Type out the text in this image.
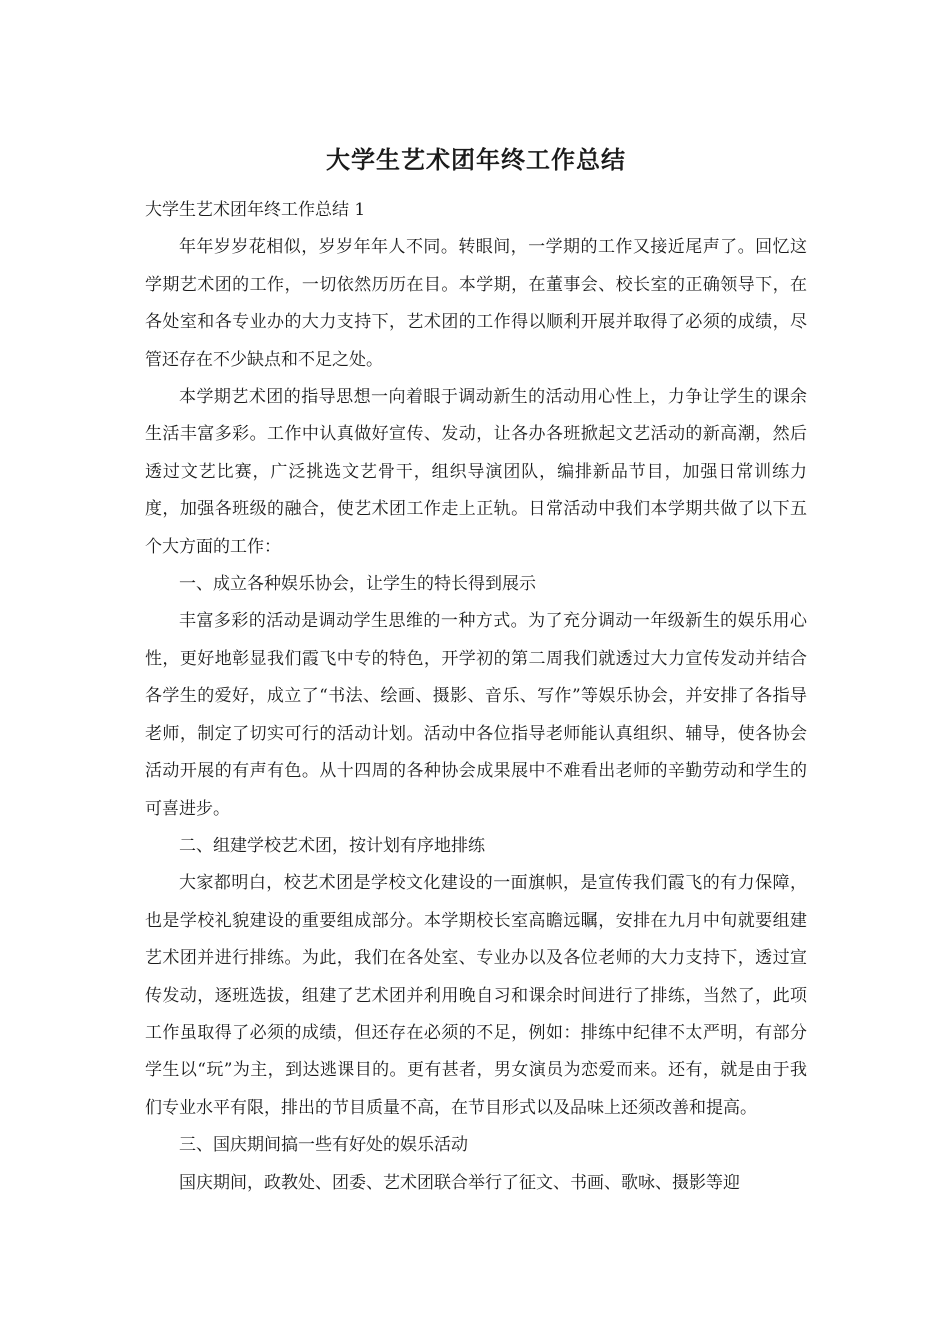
大学生艺术团年终工作总结

大学生艺术团年终工作总结 1

年年岁岁花相似，岁岁年年人不同。转眼间，一学期的工作又接近尾声了。回忆这学期艺术团的工作，一切依然历历在目。本学期，在董事会、校长室的正确领导下，在各处室和各专业办的大力支持下，艺术团的工作得以顺利开展并取得了必须的成绩，尽管还存在不少缺点和不足之处。

本学期艺术团的指导思想一向着眼于调动新生的活动用心性上，力争让学生的课余生活丰富多彩。工作中认真做好宣传、发动，让各办各班掀起文艺活动的新高潮，然后透过文艺比赛，广泛挑选文艺骨干，组织导演团队，编排新品节目，加强日常训练力度，加强各班级的融合，使艺术团工作走上正轨。日常活动中我们本学期共做了以下五个大方面的工作：

一、成立各种娱乐协会，让学生的特长得到展示

丰富多彩的活动是调动学生思维的一种方式。为了充分调动一年级新生的娱乐用心性，更好地彰显我们霞飞中专的特色，开学初的第二周我们就透过大力宣传发动并结合各学生的爱好，成立了“书法、绘画、摄影、音乐、写作”等娱乐协会，并安排了各指导老师，制定了切实可行的活动计划。活动中各位指导老师能认真组织、辅导，使各协会活动开展的有声有色。从十四周的各种协会成果展中不难看出老师的辛勤劳动和学生的可喜进步。

二、组建学校艺术团，按计划有序地排练

大家都明白，校艺术团是学校文化建设的一面旗帜，是宣传我们霞飞的有力保障，也是学校礼貌建设的重要组成部分。本学期校长室高瞻远瞩，安排在九月中旬就要组建艺术团并进行排练。为此，我们在各处室、专业办以及各位老师的大力支持下，透过宣传发动，逐班选拔，组建了艺术团并利用晚自习和课余时间进行了排练，当然了，此项工作虽取得了必须的成绩，但还存在必须的不足，例如：排练中纪律不太严明，有部分学生以“玩”为主，到达逃课目的。更有甚者，男女演员为恋爱而来。还有，就是由于我们专业水平有限，排出的节目质量不高，在节目形式以及品味上还须改善和提高。

三、国庆期间搞一些有好处的娱乐活动

国庆期间，政教处、团委、艺术团联合举行了征文、书画、歌咏、摄影等迎
